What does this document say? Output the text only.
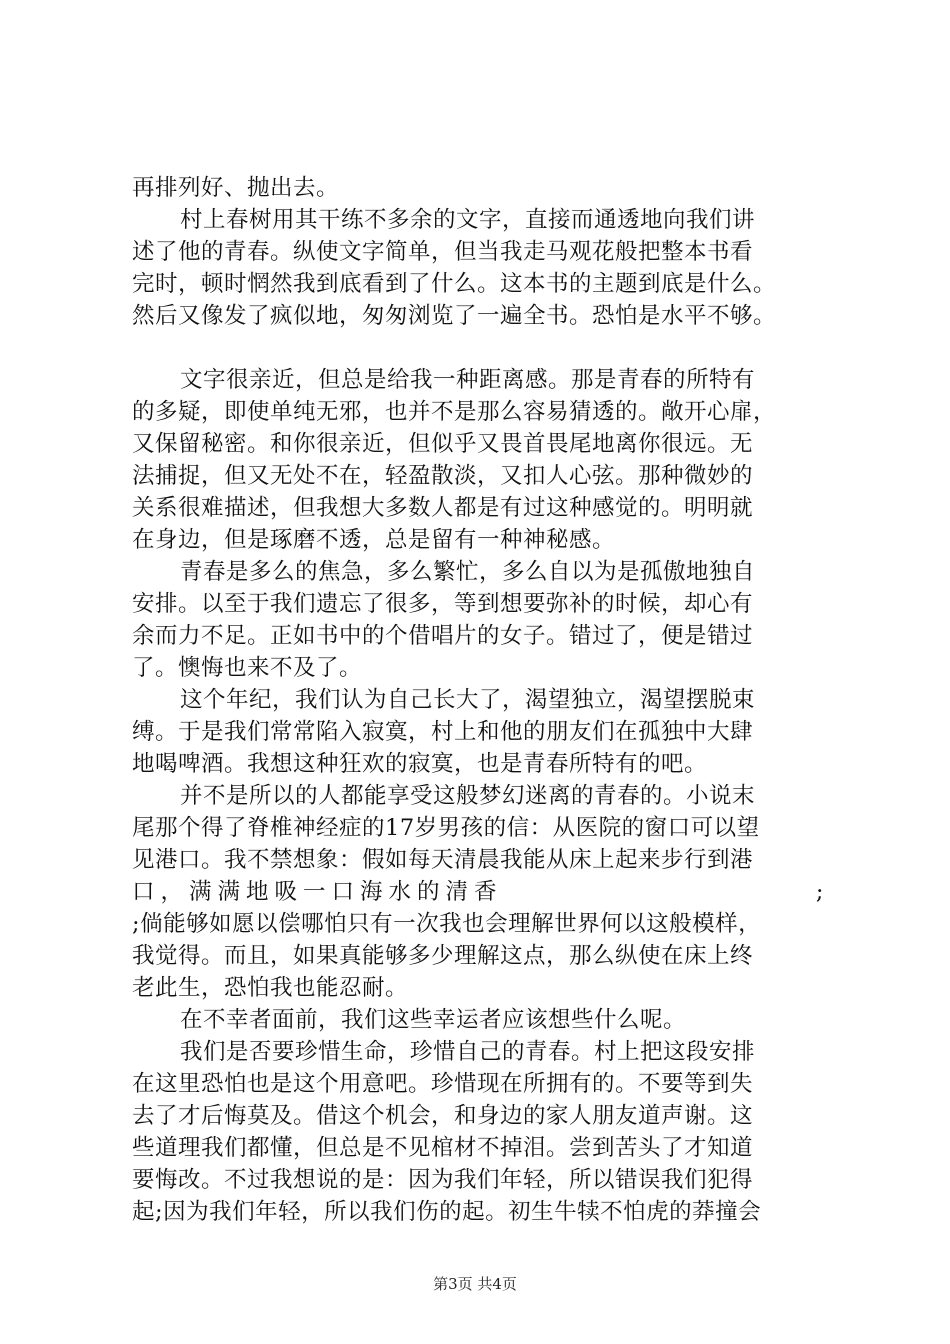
再排列好、抛出去。
村上春树用其干练不多余的文字，直接而通透地向我们讲
述了他的青春。纵使文字简单，但当我走马观花般把整本书看
完时，顿时惘然我到底看到了什么。这本书的主题到底是什么。
然后又像发了疯似地，匆匆浏览了一遍全书。恐怕是水平不够。
文字很亲近，但总是给我一种距离感。那是青春的所特有
的多疑，即使单纯无邪，也并不是那么容易猜透的。敞开心扉，
又保留秘密。和你很亲近，但似乎又畏首畏尾地离你很远。无
法捕捉，但又无处不在，轻盈散淡，又扣人心弦。那种微妙的
关系很难描述，但我想大多数人都是有过这种感觉的。明明就
在身边，但是琢磨不透，总是留有一种神秘感。
青春是多么的焦急，多么繁忙，多么自以为是孤傲地独自
安排。以至于我们遗忘了很多，等到想要弥补的时候，却心有
余而力不足。正如书中的个借唱片的女子。错过了，便是错过
了。懊悔也来不及了。
这个年纪，我们认为自己长大了，渴望独立，渴望摆脱束
缚。于是我们常常陷入寂寞，村上和他的朋友们在孤独中大肆
地喝啤酒。我想这种狂欢的寂寞，也是青春所特有的吧。
并不是所以的人都能享受这般梦幻迷离的青春的。小说末
尾那个得了脊椎神经症的17岁男孩的信：从医院的窗口可以望
见港口。我不禁想象：假如每天清晨我能从床上起来步行到港
口，满满地吸一口海水的清香	;
;倘能够如愿以偿哪怕只有一次我也会理解世界何以这般模样，
我觉得。而且，如果真能够多少理解这点，那么纵使在床上终
老此生，恐怕我也能忍耐。
在不幸者面前，我们这些幸运者应该想些什么呢。
我们是否要珍惜生命，珍惜自己的青春。村上把这段安排
在这里恐怕也是这个用意吧。珍惜现在所拥有的。不要等到失
去了才后悔莫及。借这个机会，和身边的家人朋友道声谢。这
些道理我们都懂，但总是不见棺材不掉泪。尝到苦头了才知道
要悔改。不过我想说的是：因为我们年轻，所以错误我们犯得
起;因为我们年轻，所以我们伤的起。初生牛犊不怕虎的莽撞会
第3页 共4页
